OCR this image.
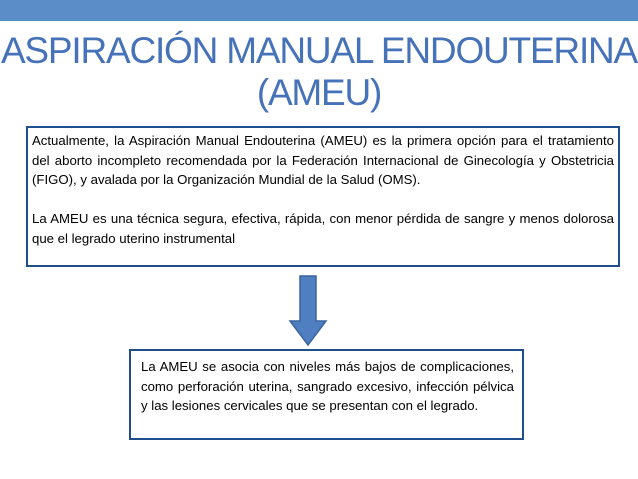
ASPIRACIÓN MANUAL ENDOUTERINA
(AMEU)

Actualmente, la Aspiración Manual Endouterina (AMEU) es la primera opción para el tratamiento del aborto incompleto recomendada por la Federación Internacional de Ginecología y Obstetricia (FIGO), y avalada por la Organización Mundial de la Salud (OMS).

La AMEU es una técnica segura, efectiva, rápida, con menor pérdida de sangre y menos dolorosa que el legrado uterino instrumental

La AMEU se asocia con niveles más bajos de complicaciones, como perforación uterina, sangrado excesivo, infección pélvica y las lesiones cervicales que se presentan con el legrado.
